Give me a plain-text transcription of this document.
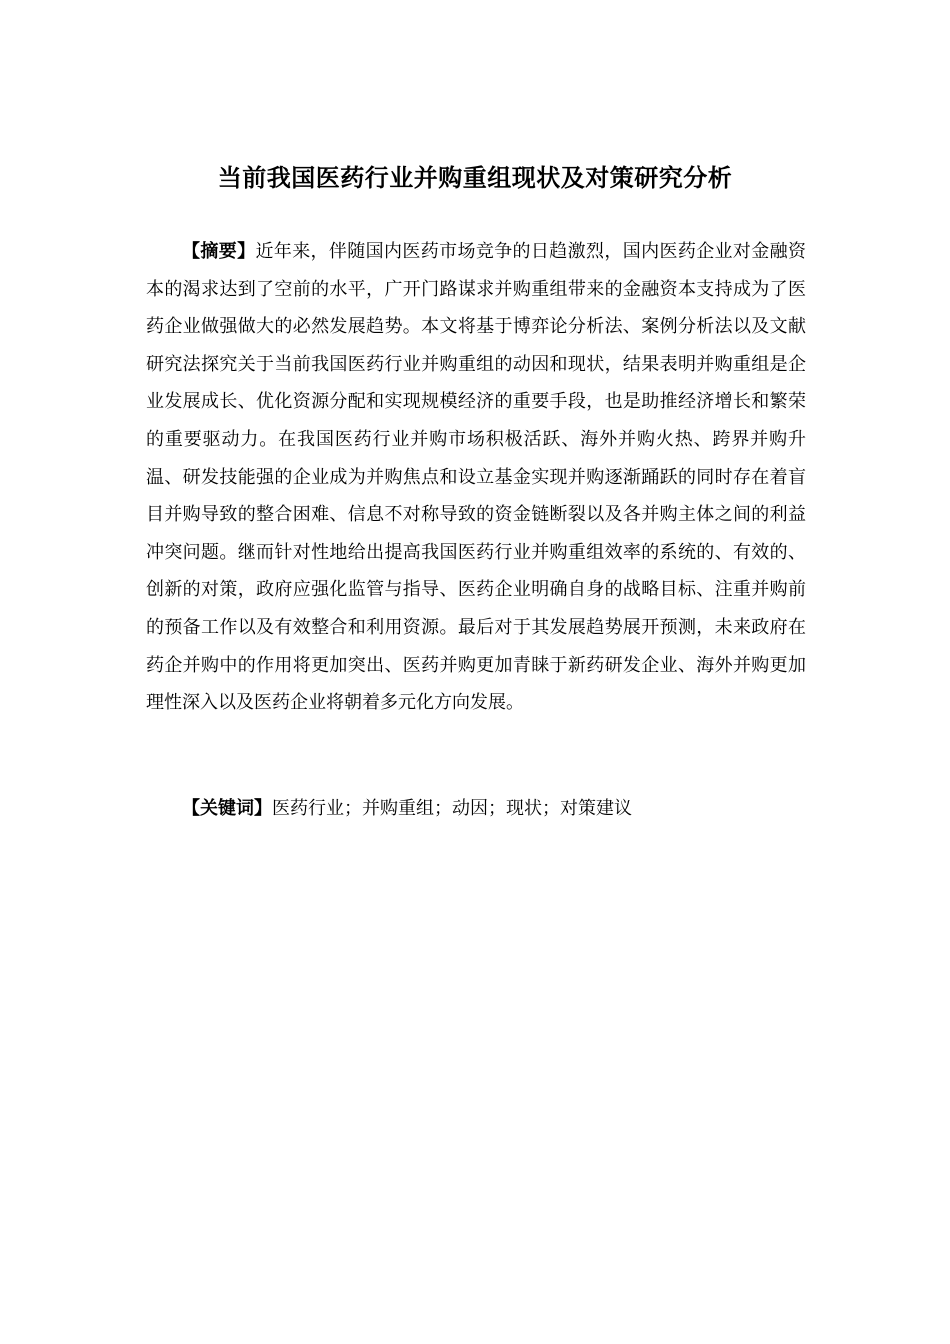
当前我国医药行业并购重组现状及对策研究分析

【摘要】近年来，伴随国内医药市场竞争的日趋激烈，国内医药企业对金融资本的渴求达到了空前的水平，广开门路谋求并购重组带来的金融资本支持成为了医药企业做强做大的必然发展趋势。本文将基于博弈论分析法、案例分析法以及文献研究法探究关于当前我国医药行业并购重组的动因和现状，结果表明并购重组是企业发展成长、优化资源分配和实现规模经济的重要手段，也是助推经济增长和繁荣的重要驱动力。在我国医药行业并购市场积极活跃、海外并购火热、跨界并购升温、研发技能强的企业成为并购焦点和设立基金实现并购逐渐踊跃的同时存在着盲目并购导致的整合困难、信息不对称导致的资金链断裂以及各并购主体之间的利益冲突问题。继而针对性地给出提高我国医药行业并购重组效率的系统的、有效的、创新的对策，政府应强化监管与指导、医药企业明确自身的战略目标、注重并购前的预备工作以及有效整合和利用资源。最后对于其发展趋势展开预测，未来政府在药企并购中的作用将更加突出、医药并购更加青睐于新药研发企业、海外并购更加理性深入以及医药企业将朝着多元化方向发展。

【关键词】医药行业；并购重组；动因；现状；对策建议
